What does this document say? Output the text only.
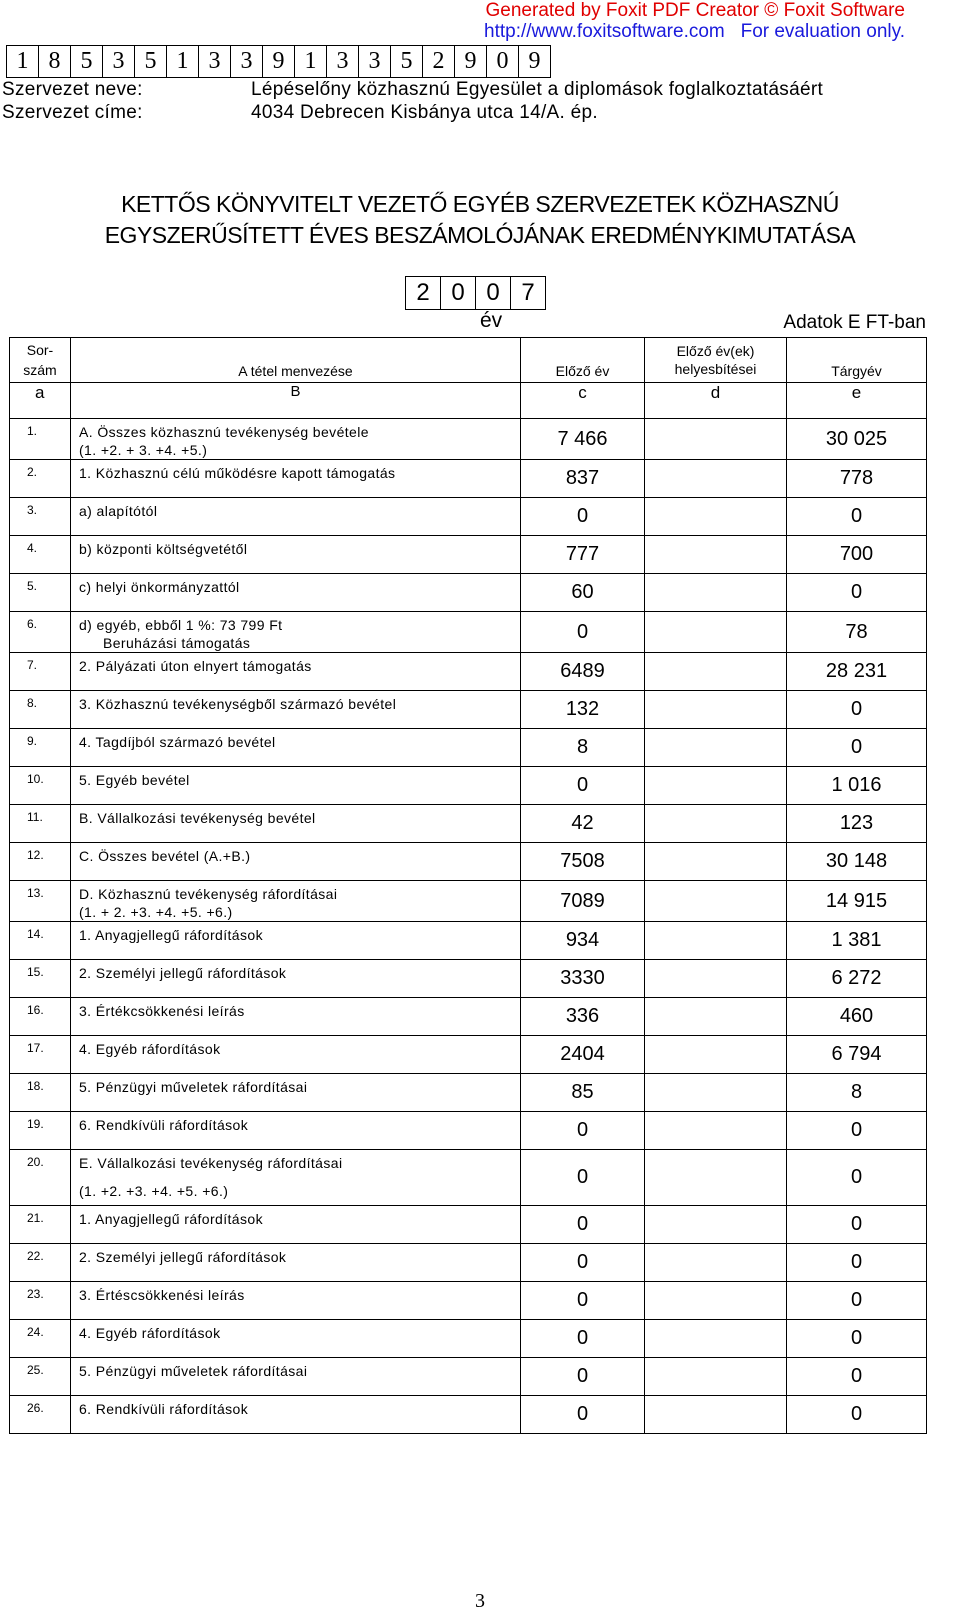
Generated by Foxit PDF Creator © Foxit Software
http://www.foxitsoftware.com   For evaluation only.
1 8 5 3 5 1 3 3 9 1 3 3 5 2 9 0 9
Szervezet neve:	Lépéselőny közhasznú Egyesület a diplomások foglalkoztatásáért
Szervezet címe:	4034 Debrecen Kisbánya utca 14/A. ép.
KETTŐS KÖNYVITELT VEZETŐ EGYÉB SZERVEZETEK KÖZHASZNÚ
EGYSZERŰSÍTETT ÉVES BESZÁMOLÓJÁNAK EREDMÉNYKIMUTATÁSA
2 0 0 7
év	Adatok E FT-ban
Sor-
szám	A tétel menvezése	Előző év	Előző év(ek) helyesbítései	Tárgyév
a	B	c	d	e
1.	A. Összes közhasznú tevékenység bevétele
(1. +2. + 3. +4. +5.)	7 466		30 025
2.	1. Közhasznú célú működésre kapott támogatás	837		778
3.	a) alapítótól	0		0
4.	b) központi költségvetétől	777		700
5.	c) helyi önkormányzattól	60		0
6.	d) egyéb, ebből 1 %: 73 799 Ft
Beruházási támogatás	0		78
7.	2. Pályázati úton elnyert támogatás	6489		28 231
8.	3. Közhasznú tevékenységből származó bevétel	132		0
9.	4. Tagdíjból származó bevétel	8		0
10.	5. Egyéb bevétel	0		1 016
11.	B. Vállalkozási tevékenység bevétel	42		123
12.	C. Összes bevétel (A.+B.)	7508		30 148
13.	D. Közhasznú tevékenység ráfordításai
(1. + 2. +3. +4. +5. +6.)	7089		14 915
14.	1. Anyagjellegű ráfordítások	934		1 381
15.	2. Személyi jellegű ráfordítások	3330		6 272
16.	3. Értékcsökkenési leírás	336		460
17.	4. Egyéb ráfordítások	2404		6 794
18.	5. Pénzügyi műveletek ráfordításai	85		8
19.	6. Rendkívüli ráfordítások	0		0
20.	E. Vállalkozási tevékenység ráfordításai
(1. +2. +3. +4. +5. +6.)	0		0
21.	1. Anyagjellegű ráfordítások	0		0
22.	2. Személyi jellegű ráfordítások	0		0
23.	3. Értéscsökkenési leírás	0		0
24.	4. Egyéb ráfordítások	0		0
25.	5. Pénzügyi műveletek ráfordításai	0		0
26.	6. Rendkívüli ráfordítások	0		0
3
